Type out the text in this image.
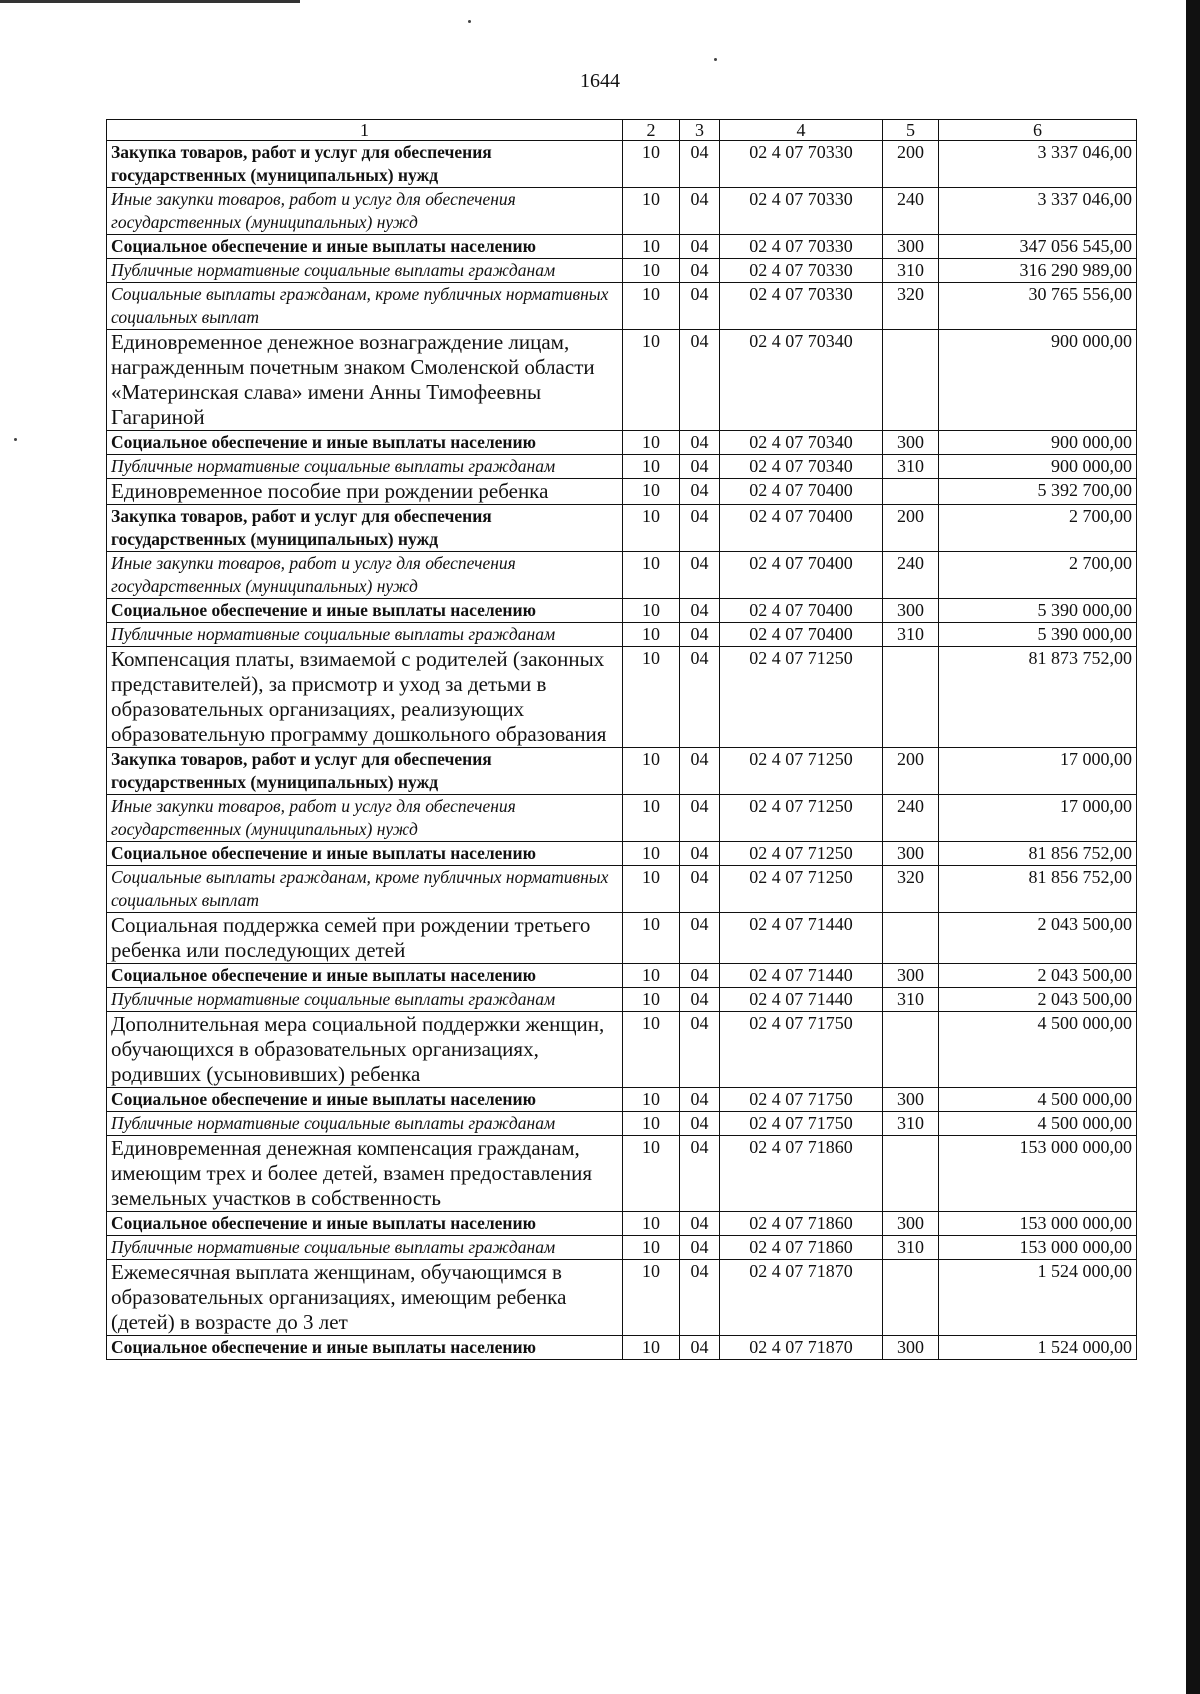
1644
1	2	3	4	5	6
Закупка товаров, работ и услуг для обеспечения государственных (муниципальных) нужд	10	04	02 4 07 70330	200	3 337 046,00
Иные закупки товаров, работ и услуг для обеспечения государственных (муниципальных) нужд	10	04	02 4 07 70330	240	3 337 046,00
Социальное обеспечение и иные выплаты населению	10	04	02 4 07 70330	300	347 056 545,00
Публичные нормативные социальные выплаты гражданам	10	04	02 4 07 70330	310	316 290 989,00
Социальные выплаты гражданам, кроме публичных нормативных социальных выплат	10	04	02 4 07 70330	320	30 765 556,00
Единовременное денежное вознаграждение лицам, награжденным почетным знаком Смоленской области «Материнская слава» имени Анны Тимофеевны Гагариной	10	04	02 4 07 70340		900 000,00
Социальное обеспечение и иные выплаты населению	10	04	02 4 07 70340	300	900 000,00
Публичные нормативные социальные выплаты гражданам	10	04	02 4 07 70340	310	900 000,00
Единовременное пособие при рождении ребенка	10	04	02 4 07 70400		5 392 700,00
Закупка товаров, работ и услуг для обеспечения государственных (муниципальных) нужд	10	04	02 4 07 70400	200	2 700,00
Иные закупки товаров, работ и услуг для обеспечения государственных (муниципальных) нужд	10	04	02 4 07 70400	240	2 700,00
Социальное обеспечение и иные выплаты населению	10	04	02 4 07 70400	300	5 390 000,00
Публичные нормативные социальные выплаты гражданам	10	04	02 4 07 70400	310	5 390 000,00
Компенсация платы, взимаемой с родителей (законных представителей), за присмотр и уход за детьми в образовательных организациях, реализующих образовательную программу дошкольного образования	10	04	02 4 07 71250		81 873 752,00
Закупка товаров, работ и услуг для обеспечения государственных (муниципальных) нужд	10	04	02 4 07 71250	200	17 000,00
Иные закупки товаров, работ и услуг для обеспечения государственных (муниципальных) нужд	10	04	02 4 07 71250	240	17 000,00
Социальное обеспечение и иные выплаты населению	10	04	02 4 07 71250	300	81 856 752,00
Социальные выплаты гражданам, кроме публичных нормативных социальных выплат	10	04	02 4 07 71250	320	81 856 752,00
Социальная поддержка семей при рождении третьего ребенка или последующих детей	10	04	02 4 07 71440		2 043 500,00
Социальное обеспечение и иные выплаты населению	10	04	02 4 07 71440	300	2 043 500,00
Публичные нормативные социальные выплаты гражданам	10	04	02 4 07 71440	310	2 043 500,00
Дополнительная мера социальной поддержки женщин, обучающихся в образовательных организациях, родивших (усыновивших) ребенка	10	04	02 4 07 71750		4 500 000,00
Социальное обеспечение и иные выплаты населению	10	04	02 4 07 71750	300	4 500 000,00
Публичные нормативные социальные выплаты гражданам	10	04	02 4 07 71750	310	4 500 000,00
Единовременная денежная компенсация гражданам, имеющим трех и более детей, взамен предоставления земельных участков в собственность	10	04	02 4 07 71860		153 000 000,00
Социальное обеспечение и иные выплаты населению	10	04	02 4 07 71860	300	153 000 000,00
Публичные нормативные социальные выплаты гражданам	10	04	02 4 07 71860	310	153 000 000,00
Ежемесячная выплата женщинам, обучающимся в образовательных организациях, имеющим ребенка (детей) в возрасте до 3 лет	10	04	02 4 07 71870		1 524 000,00
Социальное обеспечение и иные выплаты населению	10	04	02 4 07 71870	300	1 524 000,00
